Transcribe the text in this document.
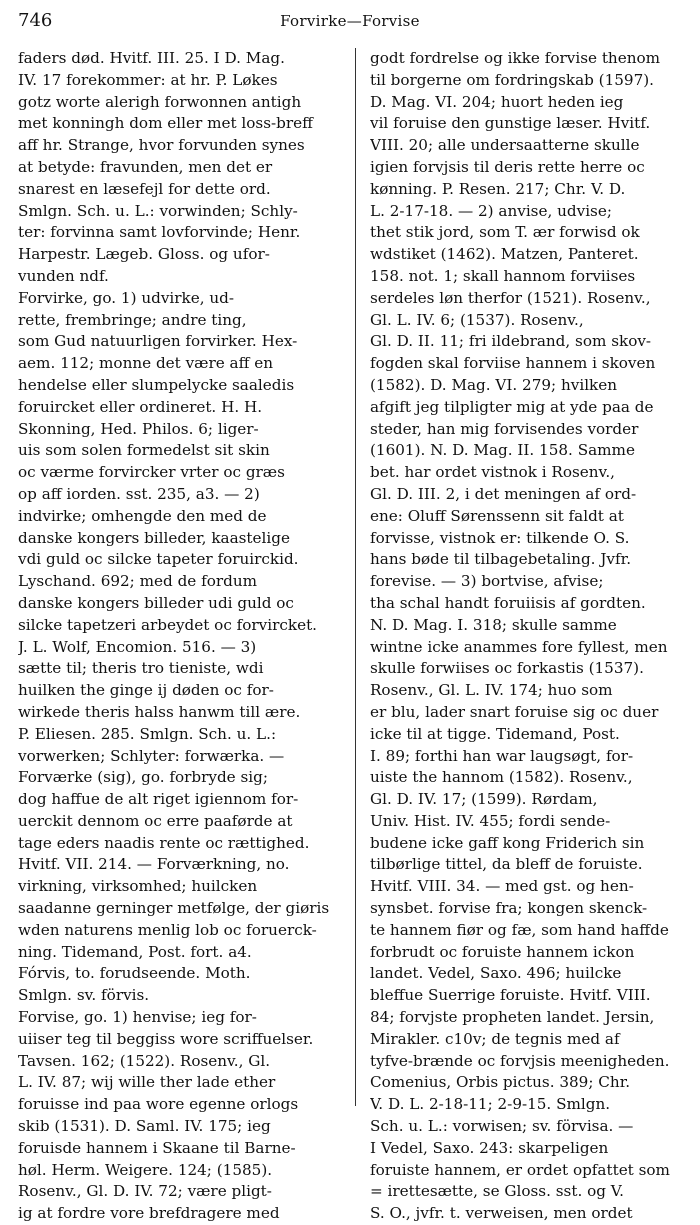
746	Forvirke—Forvise
faders død. Hvitf. III. 25. I D. Mag.
IV. 17 forekommer: at hr. P. Løkes
gotz worte alerigh forwonnen antigh
met konningh dom eller met loss-breff
aff hr. Strange, hvor forvunden synes
at betyde: fravunden, men det er
snarest en læsefejl for dette ord.
Smlgn. Sch. u. L.: vorwinden; Schly-
ter: forvinna samt lovforvinde; Henr.
Harpestr. Lægeb. Gloss. og ufor-
vunden ndf.
Forvirke, go. 1) udvirke, ud-
rette, frembringe; andre ting,
som Gud natuurligen forvirker. Hex-
aem. 112; monne det være aff en
hendelse eller slumpelycke saaledis
foruircket eller ordineret. H. H.
Skonning, Hed. Philos. 6; liger-
uis som solen formedelst sit skin
oc værme forvircker vrter oc græs
op aff iorden. sst. 235, a3. — 2)
indvirke; omhengde den med de
danske kongers billeder, kaastelige
vdi guld oc silcke tapeter foruirckid.
Lyschand. 692; med de fordum
danske kongers billeder udi guld oc
silcke tapetzeri arbeydet oc forvircket.
J. L. Wolf, Encomion. 516. — 3)
sætte til; theris tro tieniste, wdi
huilken the ginge ij døden oc for-
wirkede theris halss hanwm till ære.
P. Eliesen. 285. Smlgn. Sch. u. L.:
vorwerken; Schlyter: forwærka. —
Forværke (sig), go. forbryde sig;
dog haffue de alt riget igiennom for-
uerckit dennom oc erre paaførde at
tage eders naadis rente oc rættighed.
Hvitf. VII. 214. — Forværkning, no.
virkning, virksomhed; huilcken
saadanne gerninger metfølge, der giøris
wden naturens menlig lob oc foruerck-
ning. Tidemand, Post. fort. a4.
Fórvis, to. forudseende. Moth.
Smlgn. sv. förvis.
Forvise, go. 1) henvise; ieg for-
uiiser teg til beggiss wore scriffuelser.
Tavsen. 162; (1522). Rosenv., Gl.
L. IV. 87; wij wille ther lade ether
foruisse ind paa wore egenne orlogs
skib (1531). D. Saml. IV. 175; ieg
foruisde hannem i Skaane til Barne-
høl. Herm. Weigere. 124; (1585).
Rosenv., Gl. D. IV. 72; være pligt-
ig at fordre vore brefdragere med
godt fordrelse og ikke forvise thenom
til borgerne om fordringskab (1597).
D. Mag. VI. 204; huort heden ieg
vil foruise den gunstige læser. Hvitf.
VIII. 20; alle undersaatterne skulle
igien forvjsis til deris rette herre oc
kønning. P. Resen. 217; Chr. V. D.
L. 2-17-18. — 2) anvise, udvise;
thet stik jord, som T. ær forwisd ok
wdstiket (1462). Matzen, Panteret.
158. not. 1; skall hannom forviises
serdeles løn therfor (1521). Rosenv.,
Gl. L. IV. 6; (1537). Rosenv.,
Gl. D. II. 11; fri ildebrand, som skov-
fogden skal forviise hannem i skoven
(1582). D. Mag. VI. 279; hvilken
afgift jeg tilpligter mig at yde paa de
steder, han mig forvisendes vorder
(1601). N. D. Mag. II. 158. Samme
bet. har ordet vistnok i Rosenv.,
Gl. D. III. 2, i det meningen af ord-
ene: Oluff Sørenssenn sit faldt at
forvisse, vistnok er: tilkende O. S.
hans bøde til tilbagebetaling. Jvfr.
forevise. — 3) bortvise, afvise;
tha schal handt foruiisis af gordten.
N. D. Mag. I. 318; skulle samme
wintne icke anammes fore fyllest, men
skulle forwiises oc forkastis (1537).
Rosenv., Gl. L. IV. 174; huo som
er blu, lader snart foruise sig oc duer
icke til at tigge. Tidemand, Post.
I. 89; forthi han war laugsøgt, for-
uiste the hannom (1582). Rosenv.,
Gl. D. IV. 17; (1599). Rørdam,
Univ. Hist. IV. 455; fordi sende-
budene icke gaff kong Friderich sin
tilbørlige tittel, da bleff de foruiste.
Hvitf. VIII. 34. — med gst. og hen-
synsbet. forvise fra; kongen skenck-
te hannem fiør og fæ, som hand haffde
forbrudt oc foruiste hannem ickon
landet. Vedel, Saxo. 496; huilcke
bleffue Suerrige foruiste. Hvitf. VIII.
84; forvjste propheten landet. Jersin,
Mirakler. c10v; de tegnis med af
tyfve-brænde oc forvjsis meenigheden.
Comenius, Orbis pictus. 389; Chr.
V. D. L. 2-18-11; 2-9-15. Smlgn.
Sch. u. L.: vorwisen; sv. förvisa. —
I Vedel, Saxo. 243: skarpeligen
foruiste hannem, er ordet opfattet som
= irettesætte, se Gloss. sst. og V.
S. O., jvfr. t. verweisen, men ordet
